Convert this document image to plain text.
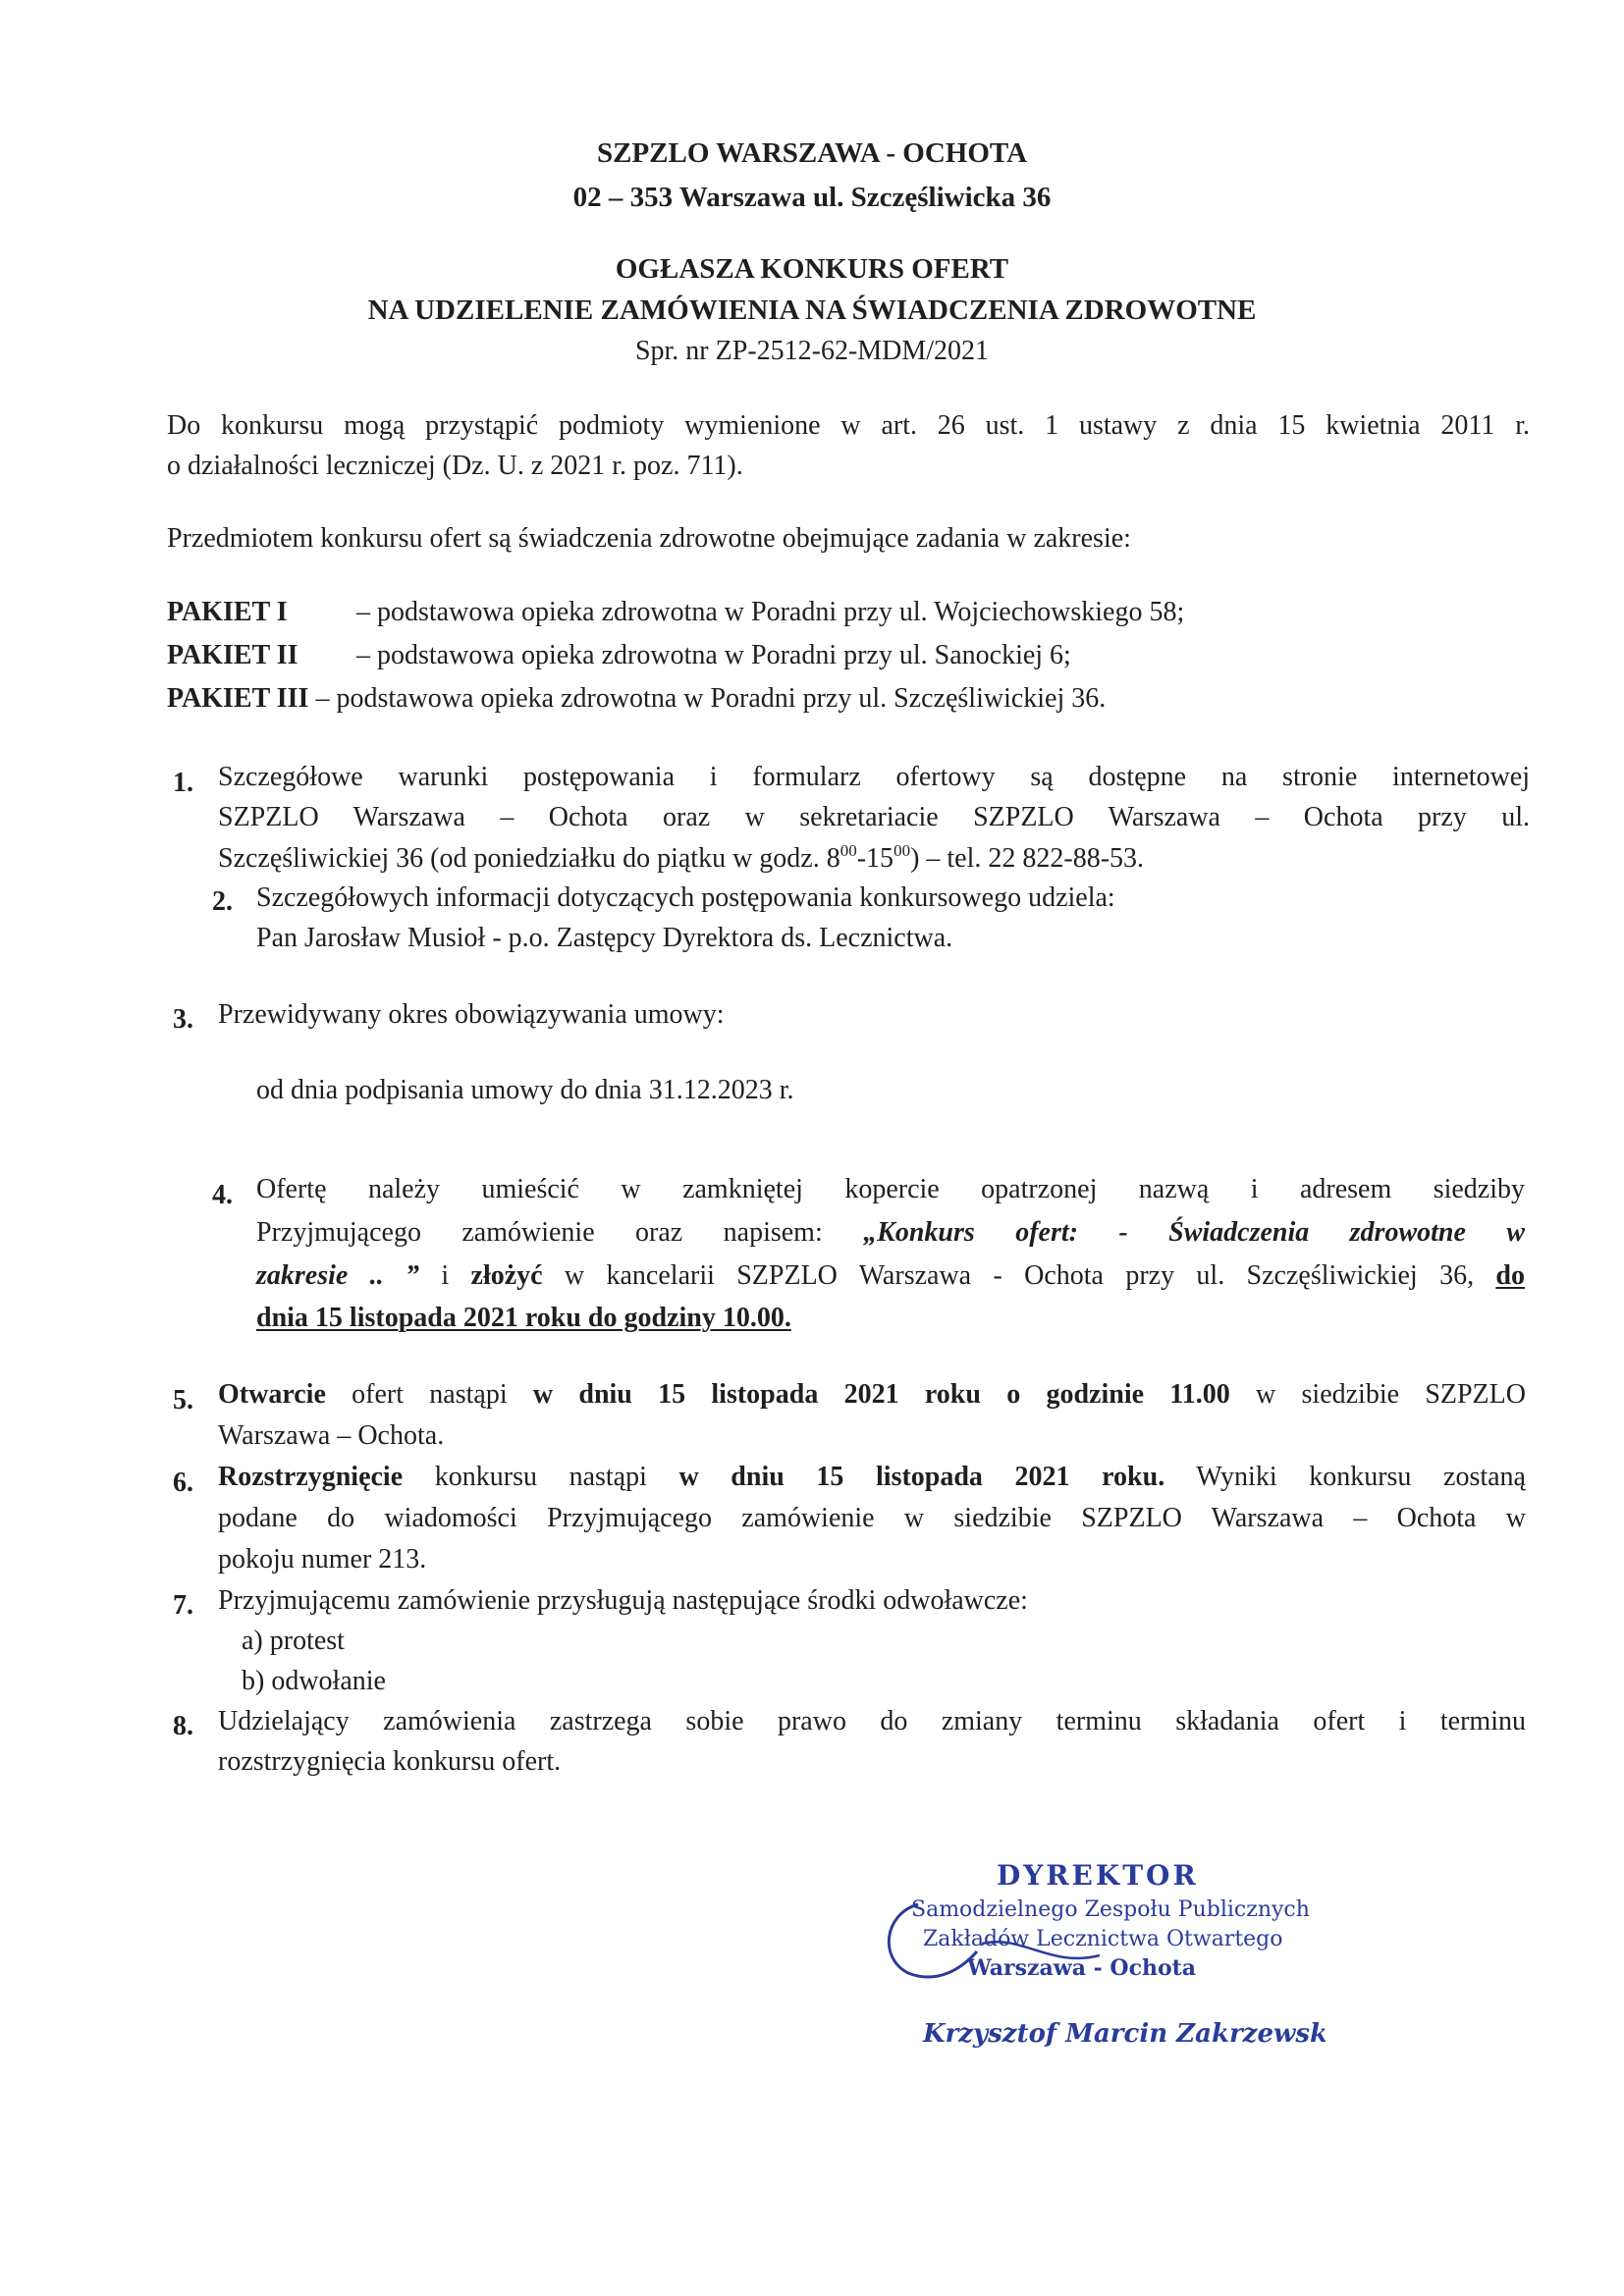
SZPZLO WARSZAWA - OCHOTA
02 – 353 Warszawa ul. Szczęśliwicka 36
OGŁASZA KONKURS OFERT
NA UDZIELENIE ZAMÓWIENIA NA ŚWIADCZENIA ZDROWOTNE
Spr. nr ZP-2512-62-MDM/2021
Do konkursu mogą przystąpić podmioty wymienione w art. 26 ust. 1 ustawy z dnia 15 kwietnia 2011 r.
o działalności leczniczej (Dz. U. z 2021 r. poz. 711).
Przedmiotem konkursu ofert są świadczenia zdrowotne obejmujące zadania w zakresie:
PAKIET I – podstawowa opieka zdrowotna w Poradni przy ul. Wojciechowskiego 58;
PAKIET II – podstawowa opieka zdrowotna w Poradni przy ul. Sanockiej 6;
PAKIET III – podstawowa opieka zdrowotna w Poradni przy ul. Szczęśliwickiej 36.
1. Szczegółowe warunki postępowania i formularz ofertowy są dostępne na stronie internetowej
SZPZLO Warszawa – Ochota oraz w sekretariacie SZPZLO Warszawa – Ochota przy ul.
Szczęśliwickiej 36 (od poniedziałku do piątku w godz. $8^{00}-15^{00}$) – tel. 22 822-88-53.
2. Szczegółowych informacji dotyczących postępowania konkursowego udziela:
Pan Jarosław Musioł - p.o. Zastępcy Dyrektora ds. Lecznictwa.
3. Przewidywany okres obowiązywania umowy:
od dnia podpisania umowy do dnia 31.12.2023 r.
4. Ofertę należy umieścić w zamkniętej kopercie opatrzonej nazwą i adresem siedziby
Przyjmującego zamówienie oraz napisem: „Konkurs ofert: - Świadczenia zdrowotne w
zakresie .. ” i złożyć w kancelarii SZPZLO Warszawa - Ochota przy ul. Szczęśliwickiej 36, do
dnia 15 listopada 2021 roku do godziny 10.00.
5. Otwarcie ofert nastąpi w dniu 15 listopada 2021 roku o godzinie 11.00 w siedzibie SZPZLO
Warszawa – Ochota.
6. Rozstrzygnięcie konkursu nastąpi w dniu 15 listopada 2021 roku. Wyniki konkursu zostaną
podane do wiadomości Przyjmującego zamówienie w siedzibie SZPZLO Warszawa – Ochota w
pokoju numer 213.
7. Przyjmującemu zamówienie przysługują następujące środki odwoławcze:
a) protest
b) odwołanie
8. Udzielający zamówienia zastrzega sobie prawo do zmiany terminu składania ofert i terminu
rozstrzygnięcia konkursu ofert.
DYREKTOR
Samodzielnego Zespołu Publicznych
Zakładów Lecznictwa Otwartego
Warszawa - Ochota
Krzysztof Marcin Zakrzewski
